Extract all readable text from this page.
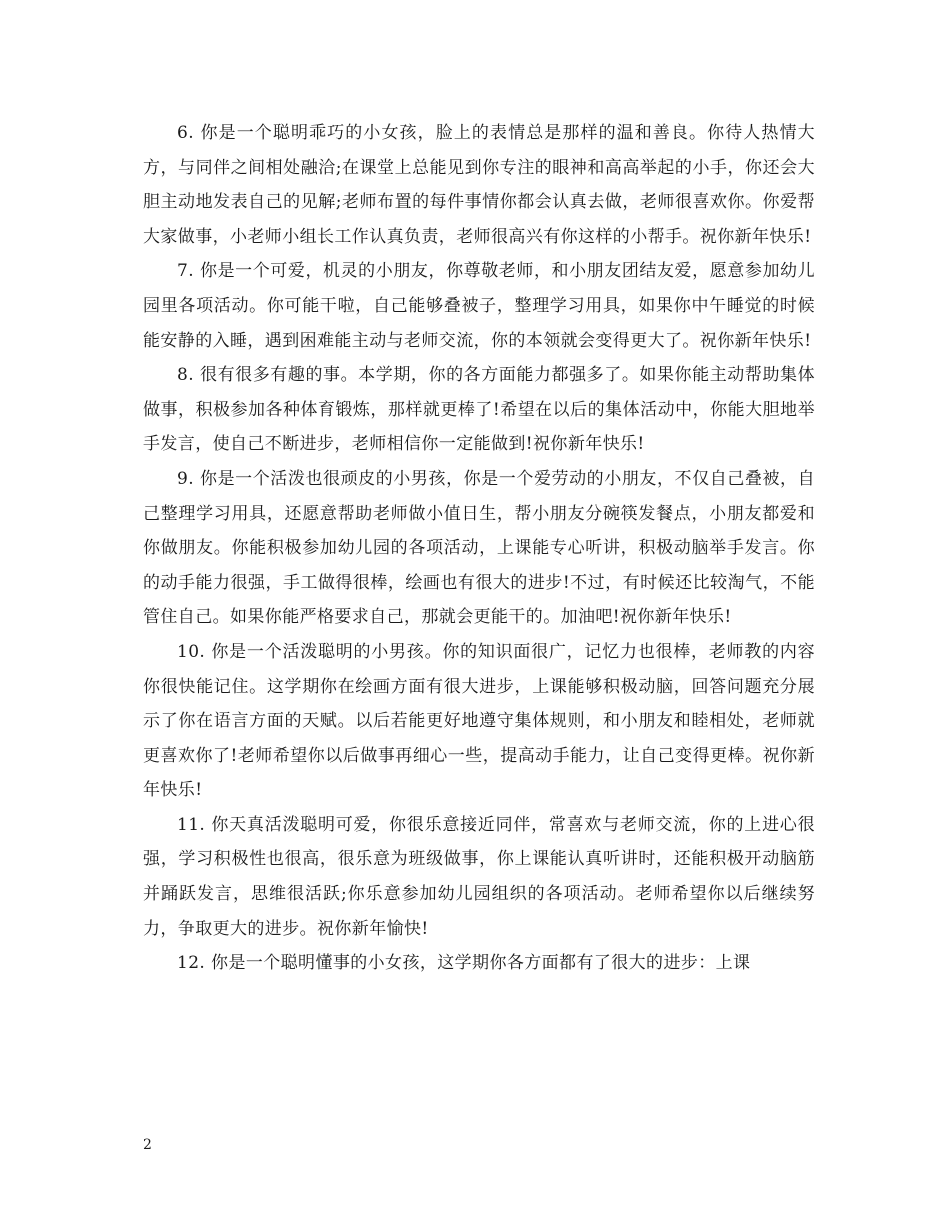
6. 你是一个聪明乖巧的小女孩，脸上的表情总是那样的温和善良。你待人热情大方，与同伴之间相处融洽;在课堂上总能见到你专注的眼神和高高举起的小手，你还会大胆主动地发表自己的见解;老师布置的每件事情你都会认真去做，老师很喜欢你。你爱帮大家做事，小老师小组长工作认真负责，老师很高兴有你这样的小帮手。祝你新年快乐!

7. 你是一个可爱，机灵的小朋友，你尊敬老师，和小朋友团结友爱，愿意参加幼儿园里各项活动。你可能干啦，自己能够叠被子，整理学习用具，如果你中午睡觉的时候能安静的入睡，遇到困难能主动与老师交流，你的本领就会变得更大了。祝你新年快乐!

8. 很有很多有趣的事。本学期，你的各方面能力都强多了。如果你能主动帮助集体做事，积极参加各种体育锻炼，那样就更棒了!希望在以后的集体活动中，你能大胆地举手发言，使自己不断进步，老师相信你一定能做到!祝你新年快乐!

9. 你是一个活泼也很顽皮的小男孩，你是一个爱劳动的小朋友，不仅自己叠被，自己整理学习用具，还愿意帮助老师做小值日生，帮小朋友分碗筷发餐点，小朋友都爱和你做朋友。你能积极参加幼儿园的各项活动，上课能专心听讲，积极动脑举手发言。你的动手能力很强，手工做得很棒，绘画也有很大的进步!不过，有时候还比较淘气，不能管住自己。如果你能严格要求自己，那就会更能干的。加油吧!祝你新年快乐!

10. 你是一个活泼聪明的小男孩。你的知识面很广，记忆力也很棒，老师教的内容你很快能记住。这学期你在绘画方面有很大进步，上课能够积极动脑，回答问题充分展示了你在语言方面的天赋。以后若能更好地遵守集体规则，和小朋友和睦相处，老师就更喜欢你了!老师希望你以后做事再细心一些，提高动手能力，让自己变得更棒。祝你新年快乐!

11. 你天真活泼聪明可爱，你很乐意接近同伴，常喜欢与老师交流，你的上进心很强，学习积极性也很高，很乐意为班级做事，你上课能认真听讲时，还能积极开动脑筋并踊跃发言，思维很活跃;你乐意参加幼儿园组织的各项活动。老师希望你以后继续努力，争取更大的进步。祝你新年愉快!

12. 你是一个聪明懂事的小女孩，这学期你各方面都有了很大的进步：上课

2
